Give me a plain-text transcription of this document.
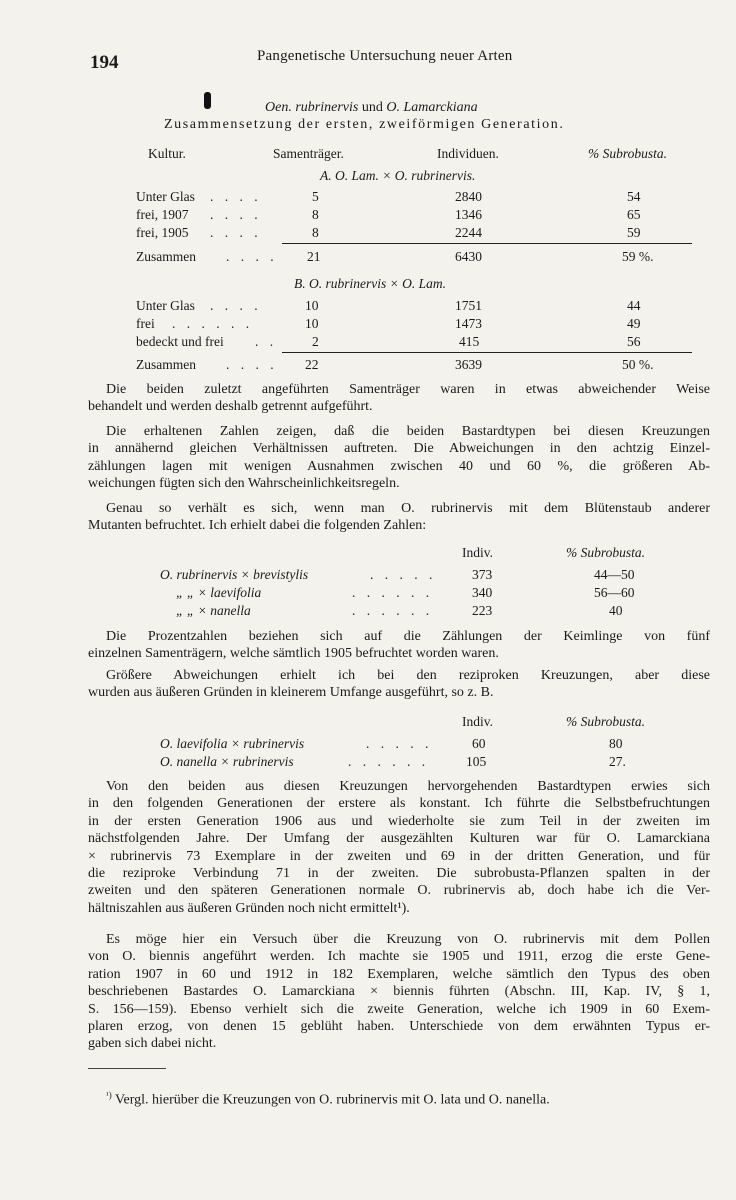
194	Pangenetische Untersuchung neuer Arten
Oen. rubrinervis und O. Lamarckiana
Zusammensetzung der ersten, zweiförmigen Generation.
Kultur.	Samenträger.	Individuen.	% Subrobusta.
A. O. Lam. × O. rubrinervis.
Unter Glas . . . .	5	2840	54
frei, 1907 . . . .	8	1346	65
frei, 1905 . . . .	8	2244	59
Zusammen . . . . 21	6430	59 %.
B. O. rubrinervis × O. Lam.
Unter Glas . . . .	10	1751	44
frei . . . . . .	10	1473	49
bedeckt und frei . .	2	415	56
Zusammen . . . . 22	3639	50 %.
Die beiden zuletzt angeführten Samenträger waren in etwas abweichender Weise
behandelt und werden deshalb getrennt aufgeführt.
Die erhaltenen Zahlen zeigen, daß die beiden Bastardtypen bei diesen Kreuzungen
in annähernd gleichen Verhältnissen auftreten. Die Abweichungen in den achtzig Einzel-
zählungen lagen mit wenigen Ausnahmen zwischen 40 und 60 %, die größeren Ab-
weichungen fügten sich den Wahrscheinlichkeitsregeln.
Genau so verhält es sich, wenn man O. rubrinervis mit dem Blütenstaub anderer
Mutanten befruchtet. Ich erhielt dabei die folgenden Zahlen:
Indiv.	% Subrobusta.
O. rubrinervis × brevistylis	. . . . .	373	44—50
„ „ × laevifolia	. . . . . .	340	56—60
„ „ × nanella	. . . . . .	223	40
Die Prozentzahlen beziehen sich auf die Zählungen der Keimlinge von fünf
einzelnen Samenträgern, welche sämtlich 1905 befruchtet worden waren.
Größere Abweichungen erhielt ich bei den reziproken Kreuzungen, aber diese
wurden aus äußeren Gründen in kleinerem Umfange ausgeführt, so z. B.
Indiv.	% Subrobusta.
O. laevifolia × rubrinervis	. . . . .	60	80
O. nanella × rubrinervis	. . . . . .	105	27.
Von den beiden aus diesen Kreuzungen hervorgehenden Bastardtypen erwies sich
in den folgenden Generationen der erstere als konstant. Ich führte die Selbstbefruchtungen
in der ersten Generation 1906 aus und wiederholte sie zum Teil in der zweiten im
nächstfolgenden Jahre. Der Umfang der ausgezählten Kulturen war für O. Lamarckiana
× rubrinervis 73 Exemplare in der zweiten und 69 in der dritten Generation, und für
die reziproke Verbindung 71 in der zweiten. Die subrobusta-Pflanzen spalten in der
zweiten und den späteren Generationen normale O. rubrinervis ab, doch habe ich die Ver-
hältniszahlen aus äußeren Gründen noch nicht ermittelt¹).
Es möge hier ein Versuch über die Kreuzung von O. rubrinervis mit dem Pollen
von O. biennis angeführt werden. Ich machte sie 1905 und 1911, erzog die erste Gene-
ration 1907 in 60 und 1912 in 182 Exemplaren, welche sämtlich den Typus des oben
beschriebenen Bastardes O. Lamarckiana × biennis führten (Abschn. III, Kap. IV, § 1,
S. 156—159). Ebenso verhielt sich die zweite Generation, welche ich 1909 in 60 Exem-
plaren erzog, von denen 15 geblüht haben. Unterschiede von dem erwähnten Typus er-
gaben sich dabei nicht.
$^{^1)}$ Vergl. hierüber die Kreuzungen von O. rubrinervis mit O. lata und O. nanella.
